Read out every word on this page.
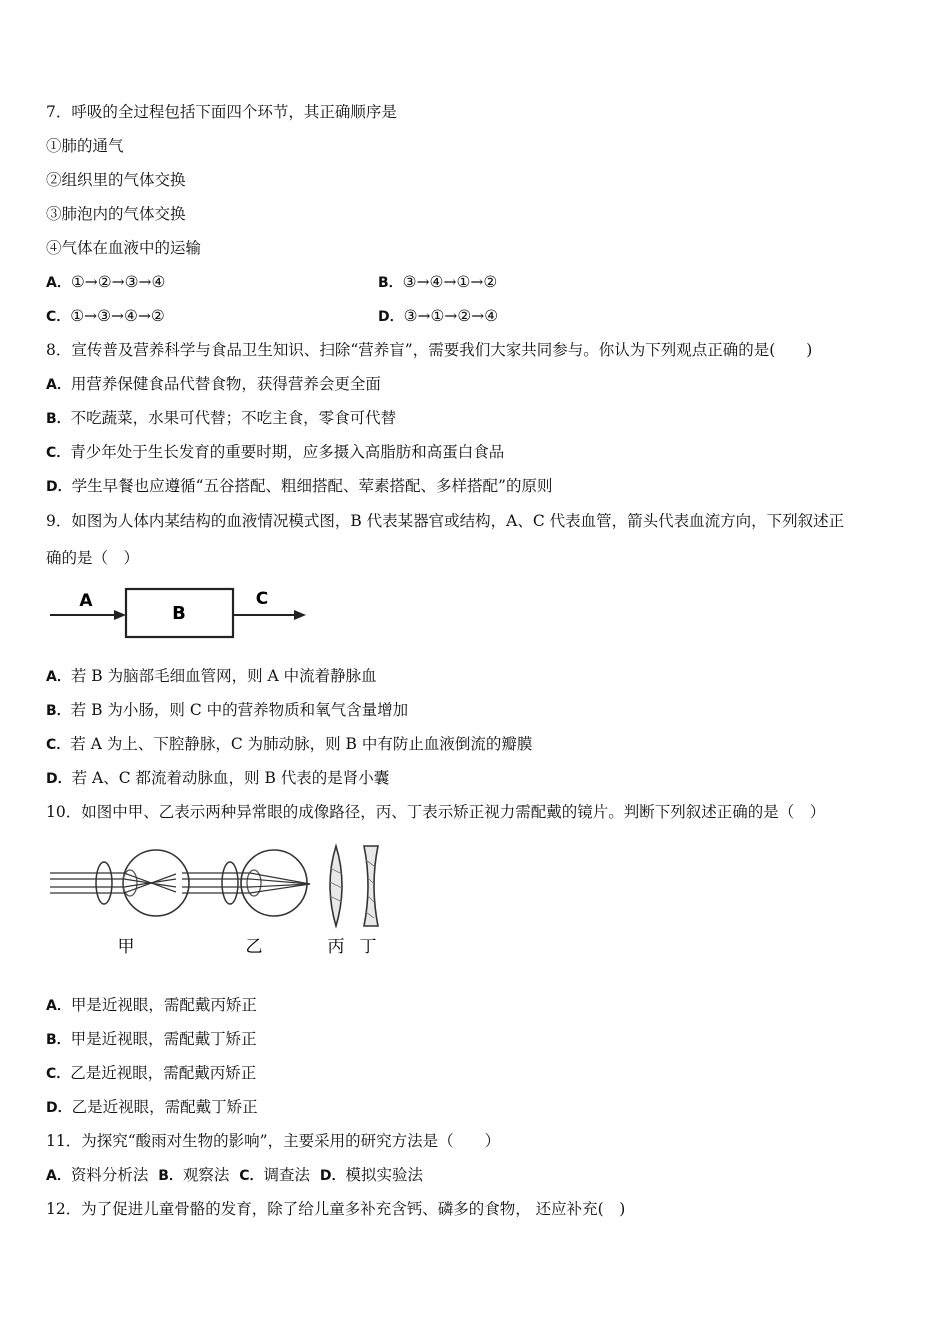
7．呼吸的全过程包括下面四个环节，其正确顺序是
①肺的通气
②组织里的气体交换
③肺泡内的气体交换
④气体在血液中的运输
A．①→②→③→④	B．③→④→①→②
C．①→③→④→②	D．③→①→②→④
8．宣传普及营养科学与食品卫生知识、扫除“营养盲”，需要我们大家共同参与。你认为下列观点正确的是(　　)
A．用营养保健食品代替食物，获得营养会更全面
B．不吃蔬菜，水果可代替；不吃主食，零食可代替
C．青少年处于生长发育的重要时期，应多摄入高脂肪和高蛋白食品
D．学生早餐也应遵循“五谷搭配、粗细搭配、荤素搭配、多样搭配”的原则
9．如图为人体内某结构的血液情况模式图，B 代表某器官或结构，A、C 代表血管，箭头代表血流方向，下列叙述正
确的是（　）
A
B
C
A．若 B 为脑部毛细血管网，则 A 中流着静脉血
B．若 B 为小肠，则 C 中的营养物质和氧气含量增加
C．若 A 为上、下腔静脉，C 为肺动脉，则 B 中有防止血液倒流的瓣膜
D．若 A、C 都流着动脉血，则 B 代表的是肾小囊
10．如图中甲、乙表示两种异常眼的成像路径，丙、丁表示矫正视力需配戴的镜片。判断下列叙述正确的是（　）
甲	乙	丙 丁
A．甲是近视眼，需配戴丙矫正
B．甲是近视眼，需配戴丁矫正
C．乙是近视眼，需配戴丙矫正
D．乙是近视眼，需配戴丁矫正
11．为探究“酸雨对生物的影响”，主要采用的研究方法是（　　）
A．资料分析法 B．观察法 C．调查法 D．模拟实验法
12．为了促进儿童骨骼的发育，除了给儿童多补充含钙、磷多的食物， 还应补充(　)
